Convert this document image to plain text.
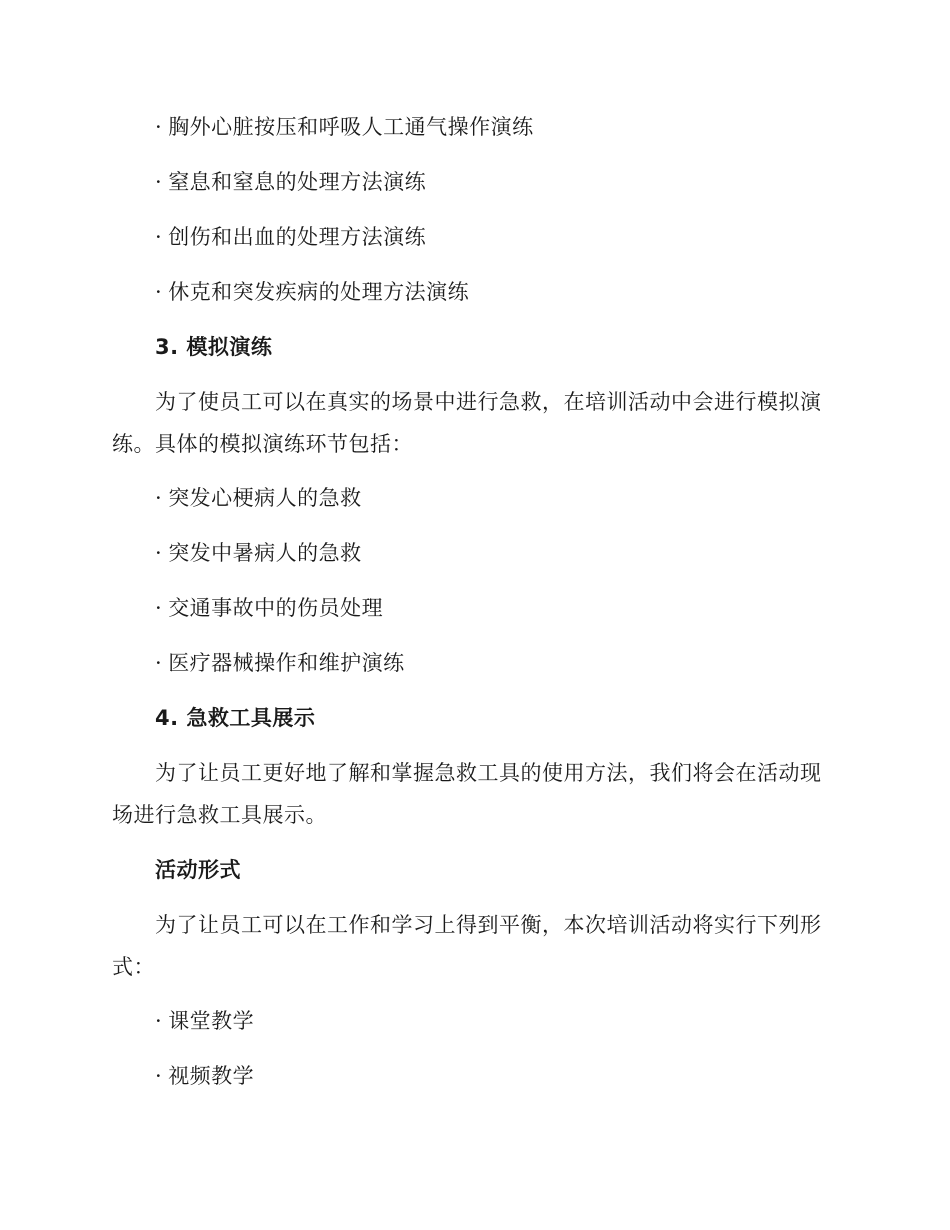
· 胸外心脏按压和呼吸人工通气操作演练
· 窒息和窒息的处理方法演练
· 创伤和出血的处理方法演练
· 休克和突发疾病的处理方法演练
3. 模拟演练
为了使员工可以在真实的场景中进行急救，在培训活动中会进行模拟演
练。具体的模拟演练环节包括：
· 突发心梗病人的急救
· 突发中暑病人的急救
· 交通事故中的伤员处理
· 医疗器械操作和维护演练
4. 急救工具展示
为了让员工更好地了解和掌握急救工具的使用方法，我们将会在活动现
场进行急救工具展示。
活动形式
为了让员工可以在工作和学习上得到平衡，本次培训活动将实行下列形
式：
· 课堂教学
· 视频教学
